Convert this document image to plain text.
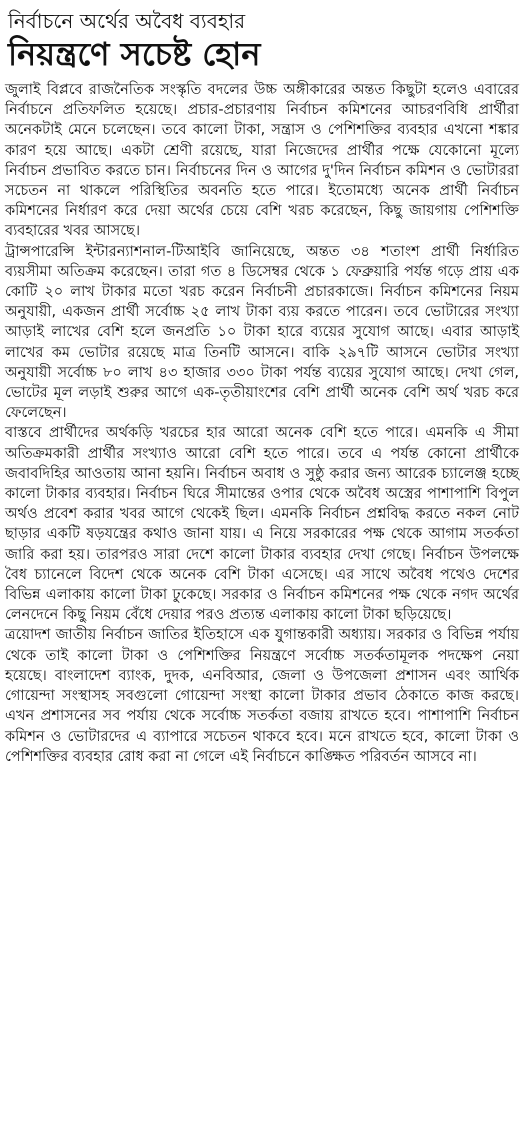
নির্বাচনে অর্থের অবৈধ ব্যবহার
নিয়ন্ত্রণে সচেষ্ট হোন

জুলাই বিপ্লবে রাজনৈতিক সংস্কৃতি বদলের উচ্চ অঙ্গীকারের অন্তত কিছুটা হলেও এবারের নির্বাচনে প্রতিফলিত হয়েছে। প্রচার-প্রচারণায় নির্বাচন কমিশনের আচরণবিধি প্রার্থীরা অনেকটাই মেনে চলেছেন। তবে কালো টাকা, সন্ত্রাস ও পেশিশক্তির ব্যবহার এখনো শঙ্কার কারণ হয়ে আছে। একটা শ্রেণী রয়েছে, যারা নিজেদের প্রার্থীর পক্ষে যেকোনো মূল্যে নির্বাচন প্রভাবিত করতে চান। নির্বাচনের দিন ও আগের দু'দিন নির্বাচন কমিশন ও ভোটাররা সচেতন না থাকলে পরিস্থিতির অবনতি হতে পারে। ইতোমধ্যে অনেক প্রার্থী নির্বাচন কমিশনের নির্ধারণ করে দেয়া অর্থের চেয়ে বেশি খরচ করেছেন, কিছু জায়গায় পেশিশক্তি ব্যবহারের খবর আসছে।

ট্রান্সপারেন্সি ইন্টারন্যাশনাল-টিআইবি জানিয়েছে, অন্তত ৩৪ শতাংশ প্রার্থী নির্ধারিত ব্যয়সীমা অতিক্রম করেছেন। তারা গত ৪ ডিসেম্বর থেকে ১ ফেব্রুয়ারি পর্যন্ত গড়ে প্রায় এক কোটি ২০ লাখ টাকার মতো খরচ করেন নির্বাচনী প্রচারকাজে। নির্বাচন কমিশনের নিয়ম অনুযায়ী, একজন প্রার্থী সর্বোচ্চ ২৫ লাখ টাকা ব্যয় করতে পারেন। তবে ভোটারের সংখ্যা আড়াই লাখের বেশি হলে জনপ্রতি ১০ টাকা হারে ব্যয়ের সুযোগ আছে। এবার আড়াই লাখের কম ভোটার রয়েছে মাত্র তিনটি আসনে। বাকি ২৯৭টি আসনে ভোটার সংখ্যা অনুযায়ী সর্বোচ্চ ৮০ লাখ ৪৩ হাজার ৩৩০ টাকা পর্যন্ত ব্যয়ের সুযোগ আছে। দেখা গেল, ভোটের মূল লড়াই শুরুর আগে এক-তৃতীয়াংশের বেশি প্রার্থী অনেক বেশি অর্থ খরচ করে ফেলেছেন।

বাস্তবে প্রার্থীদের অর্থকড়ি খরচের হার আরো অনেক বেশি হতে পারে। এমনকি এ সীমা অতিক্রমকারী প্রার্থীর সংখ্যাও আরো বেশি হতে পারে। তবে এ পর্যন্ত কোনো প্রার্থীকে জবাবদিহির আওতায় আনা হয়নি। নির্বাচন অবাধ ও সুষ্ঠু করার জন্য আরেক চ্যালেঞ্জ হচ্ছে কালো টাকার ব্যবহার। নির্বাচন ঘিরে সীমান্তের ওপার থেকে অবৈধ অস্ত্রের পাশাপাশি বিপুল অর্থও প্রবেশ করার খবর আগে থেকেই ছিল। এমনকি নির্বাচন প্রশ্নবিদ্ধ করতে নকল নোট ছাড়ার একটি ষড়যন্ত্রের কথাও জানা যায়। এ নিয়ে সরকারের পক্ষ থেকে আগাম সতর্কতা জারি করা হয়। তারপরও সারা দেশে কালো টাকার ব্যবহার দেখা গেছে। নির্বাচন উপলক্ষে বৈধ চ্যানেলে বিদেশ থেকে অনেক বেশি টাকা এসেছে। এর সাথে অবৈধ পথেও দেশের বিভিন্ন এলাকায় কালো টাকা ঢুকেছে। সরকার ও নির্বাচন কমিশনের পক্ষ থেকে নগদ অর্থের লেনদেনে কিছু নিয়ম বেঁধে দেয়ার পরও প্রত্যন্ত এলাকায় কালো টাকা ছড়িয়েছে।

ত্রয়োদশ জাতীয় নির্বাচন জাতির ইতিহাসে এক যুগান্তকারী অধ্যায়। সরকার ও বিভিন্ন পর্যায় থেকে তাই কালো টাকা ও পেশিশক্তির নিয়ন্ত্রণে সর্বোচ্চ সতর্কতামূলক পদক্ষেপ নেয়া হয়েছে। বাংলাদেশ ব্যাংক, দুদক, এনবিআর, জেলা ও উপজেলা প্রশাসন এবং আর্থিক গোয়েন্দা সংস্থাসহ সবগুলো গোয়েন্দা সংস্থা কালো টাকার প্রভাব ঠেকাতে কাজ করছে। এখন প্রশাসনের সব পর্যায় থেকে সর্বোচ্চ সতর্কতা বজায় রাখতে হবে। পাশাপাশি নির্বাচন কমিশন ও ভোটারদের এ ব্যাপারে সচেতন থাকবে হবে। মনে রাখতে হবে, কালো টাকা ও পেশিশক্তির ব্যবহার রোধ করা না গেলে এই নির্বাচনে কাঙ্ক্ষিত পরিবর্তন আসবে না।
